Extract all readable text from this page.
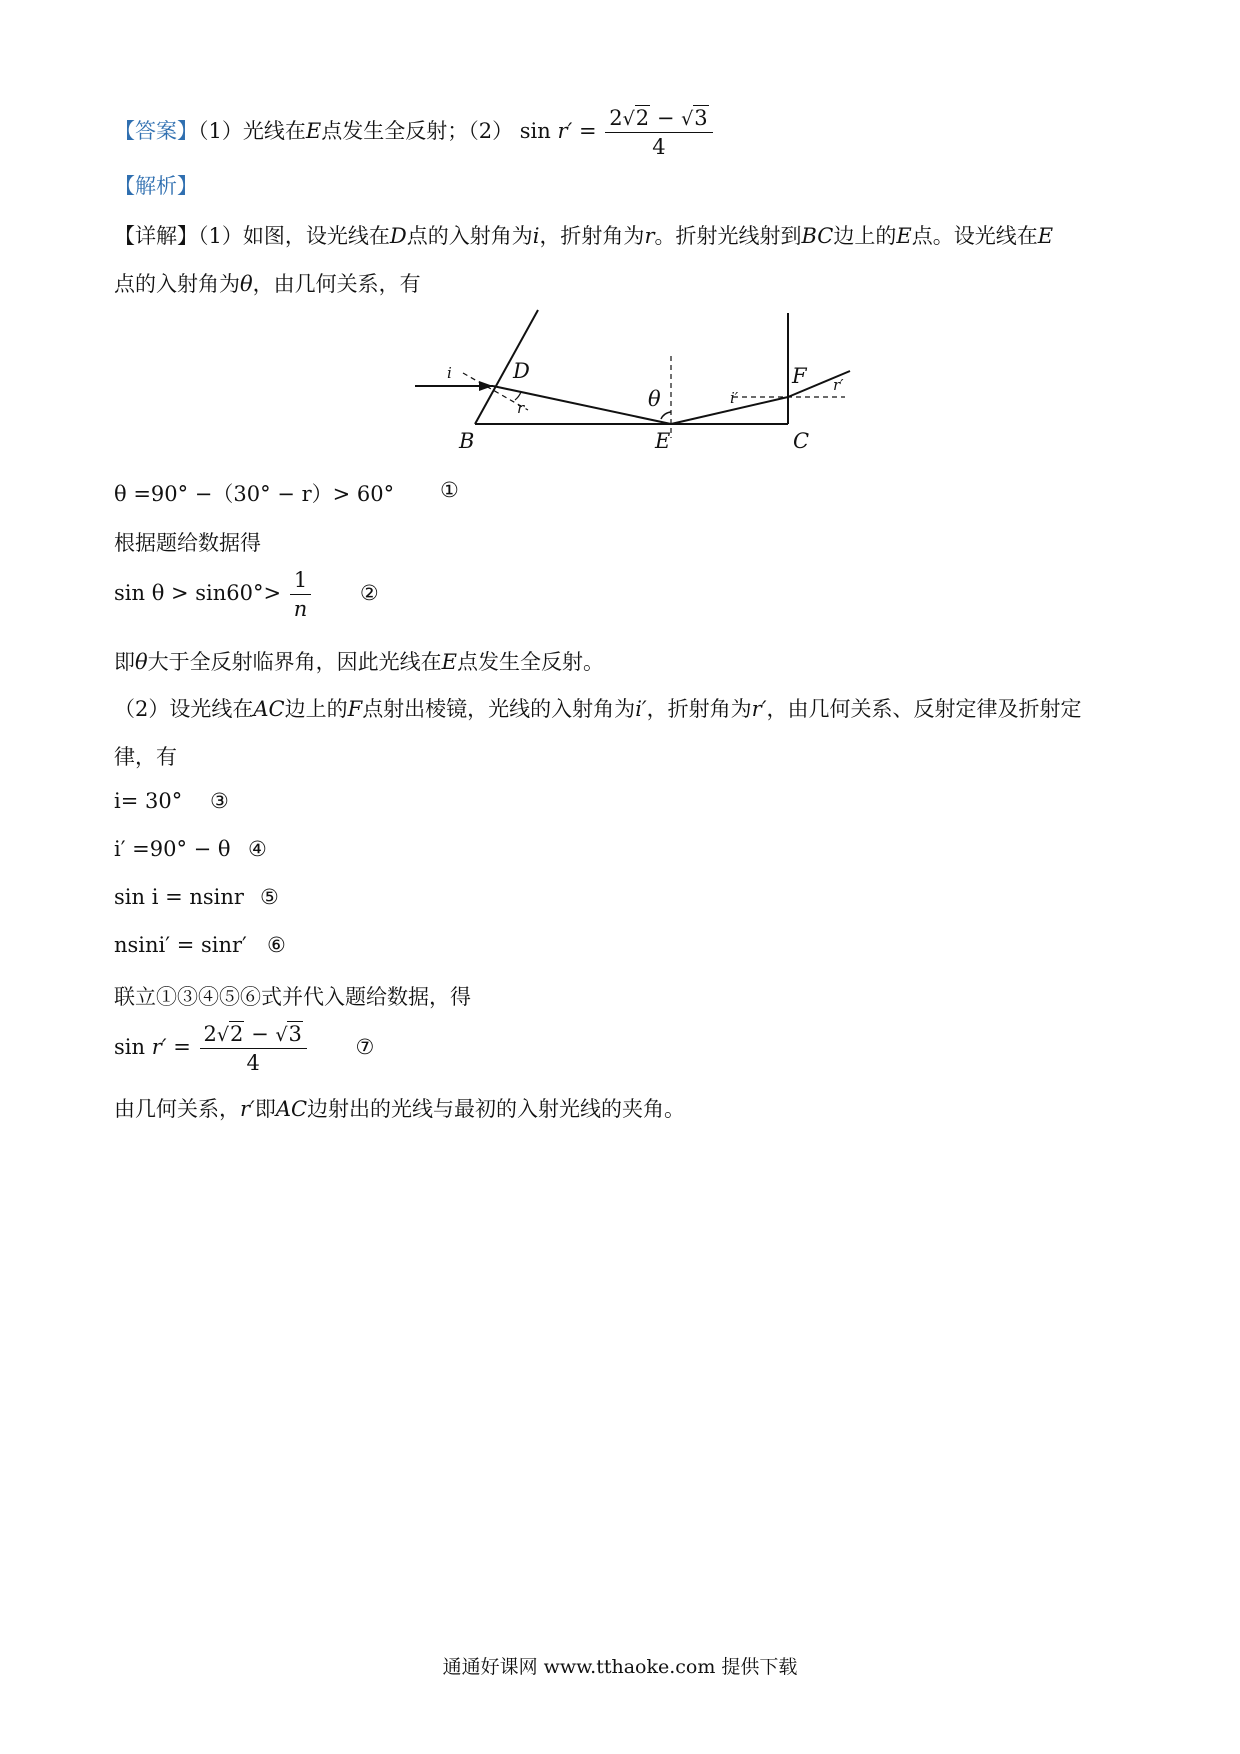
【答案】（1）光线在E点发生全反射；（2） $\sin r' = \frac{2√2 - √3}{4}$
【解析】
【详解】（1）如图，设光线在D点的入射角为i，折射角为r。折射光线射到BC边上的E点。设光线在E
点的入射角为θ，由几何关系，有
D
B	E	C
F
i
r	θ	i′
r′
θ =90° −（30° − r）> 60° ①
根据题给数据得
$\sin \theta > \sin 60^\circ> \frac{1}{n}$ ②
即θ大于全反射临界角，因此光线在E点发生全反射。
（2）设光线在AC边上的F点射出棱镜，光线的入射角为i′，折射角为r′，由几何关系、反射定律及折射定
律，有
i= 30° ③
i′ =90° − θ ④
sin i = nsinr ⑤
nsini′ = sinr′ ⑥
联立①③④⑤⑥式并代入题给数据，得
$\sin r' = \frac{2√2 - √3}{4}$ ⑦
由几何关系，r′即AC边射出的光线与最初的入射光线的夹角。
通通好课网 www.tthaoke.com 提供下载
